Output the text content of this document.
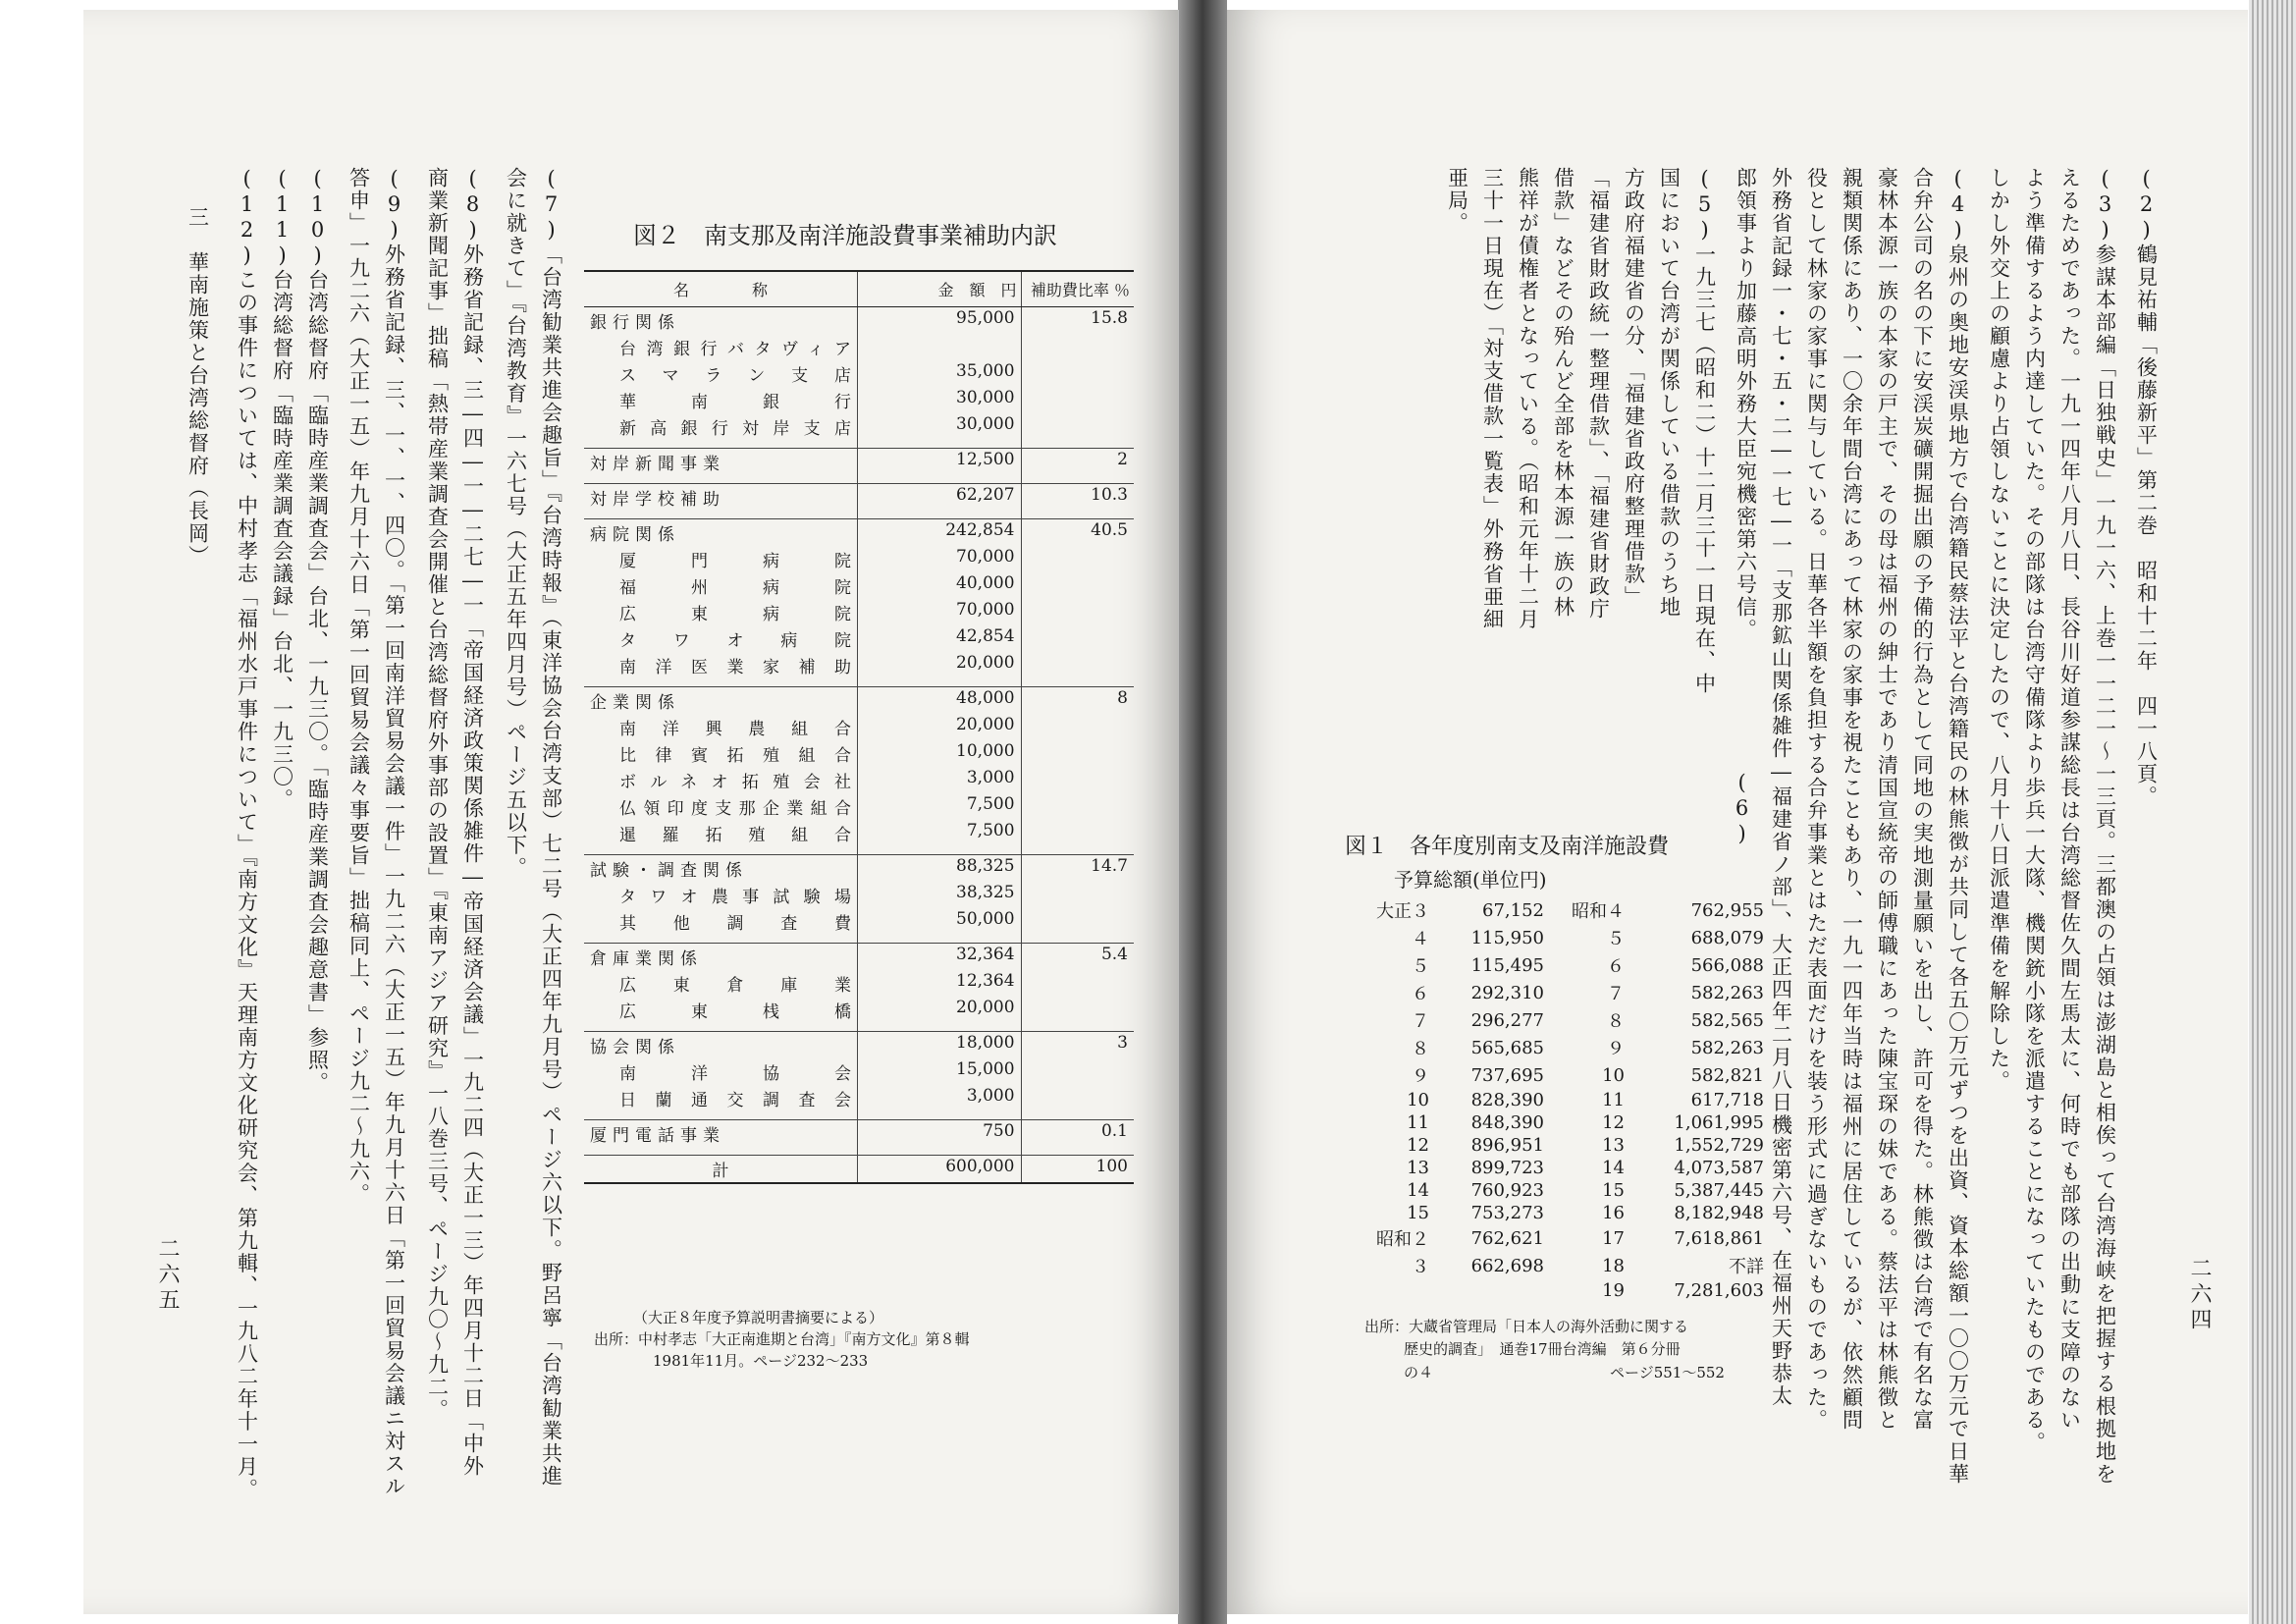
二六五
(7)「台湾勧業共進会趣旨」『台湾時報』（東洋協会台湾支部）七二号（大正四年九月号）ページ六以下。野呂寧「台湾勧業共進
会に就きて」『台湾教育』一六七号（大正五年四月号）ページ五以下。
(8)外務省記録、三―四―一―二七―一「帝国経済政策関係雑件―帝国経済会議」一九二四（大正一三）年四月十二日「中外
商業新聞記事」拙稿「熱帯産業調査会開催と台湾総督府外事部の設置」『東南アジア研究』一八巻三号、ページ九〇～九二。
(9)外務省記録、三、一、一、四〇。「第一回南洋貿易会議一件」一九二六（大正一五）年九月十六日「第一回貿易会議ニ対スル
答申」一九二六（大正一五）年九月十六日「第一回貿易会議々事要旨」拙稿同上、ページ九二～九六。
(10)台湾総督府「臨時産業調査会」台北、一九三〇。「臨時産業調査会趣意書」参照。
(11)台湾総督府「臨時産業調査会議録」台北、一九三〇。
(12)この事件については、中村孝志「福州水戸事件について」『南方文化』天理南方文化研究会、第九輯、一九八二年十一月。
三　華南施策と台湾総督府（長岡）	図２　南支那及南洋施設費事業補助内訳
名　　　　称	金　額　円	補助費比率 ％
銀行関係	95,000	15.8

台湾銀行バタヴィア		

スマラン支店	35,000	

華南銀行	30,000	

新高銀行対岸支店	30,000	

対岸新聞事業	12,500	2

対岸学校補助	62,207	10.3

病院関係	242,854	40.5

厦門病院	70,000	

福州病院	40,000	

広東病院	70,000	

タワオ病院	42,854	

南洋医業家補助	20,000	

企業関係	48,000	8

南洋興農組合	20,000	

比律賓拓殖組合	10,000	

ボルネオ拓殖会社	3,000	

仏領印度支那企業組合	7,500	

暹羅拓殖組合	7,500	

試験・調査関係	88,325	14.7

タワオ農事試験場	38,325	

其他調査費	50,000	

倉庫業関係	32,364	5.4

広東倉庫業	12,364	

広東桟橋	20,000	

協会関係	18,000	3

南洋協会	15,000	

日蘭通交調査会	3,000	

厦門電話事業	750	0.1

計	600,000	100
（大正８年度予算説明書摘要による）
出所：中村孝志「大正南進期と台湾」『南方文化』第８輯
1981年11月。ページ232～233
二六四
(2)鶴見祐輔「後藤新平」第二巻　昭和十二年　四一八頁。
(3)参謀本部編「日独戦史」一九一六、上巻一一二一～一三頁。三都澳の占領は澎湖島と相俟って台湾海峡を把握する根拠地を
えるためであった。一九一四年八月八日、長谷川好道参謀総長は台湾総督佐久間左馬太に、何時でも部隊の出動に支障のない
よう準備するよう内達していた。その部隊は台湾守備隊より歩兵一大隊、機関銃小隊を派遣することになっていたものである。
しかし外交上の顧慮より占領しないことに決定したので、八月十八日派遣準備を解除した。
(4)泉州の奥地安渓県地方で台湾籍民蔡法平と台湾籍民の林熊徴が共同して各五〇万元ずつを出資、資本総額一〇〇万元で日華
合弁公司の名の下に安渓炭礦開掘出願の予備的行為として同地の実地測量願いを出し、許可を得た。林熊徴は台湾で有名な富
豪林本源一族の本家の戸主で、その母は福州の紳士であり清国宣統帝の師傅職にあった陳宝琛の妹である。蔡法平は林熊徴と
親類関係にあり、一〇余年間台湾にあって林家の家事を視たこともあり、一九一四年当時は福州に居住しているが、依然顧問
役として林家の家事に関与している。日華各半額を負担する合弁事業とはただ表面だけを装う形式に過ぎないものであった。
外務省記録一・七・五・二―一七―一「支那鉱山関係雑件―福建省ノ部」、大正四年二月八日機密第六号、在福州天野恭太
郎領事より加藤高明外務大臣宛機密第六号信。
(5)一九三七（昭和二）十二月三十一日現在、中
国において台湾が関係している借款のうち地
方政府福建省の分、「福建省政府整理借款」
「福建省財政統一整理借款」、「福建省財政庁
借款」などその殆んど全部を林本源一族の林
熊祥が債権者となっている。（昭和元年十二月
三十一日現在）「対支借款一覧表」外務省亜細
亜局。
(6)
図１　各年度別南支及南洋施設費
予算総額(単位円)
大正３	67,152	昭和４	762,955
４	115,950	５	688,079
５	115,495	６	566,088
６	292,310	７	582,263
７	296,277	８	582,565
８	565,685	９	582,263
９	737,695	10	582,821
10	828,390	11	617,718
11	848,390	12	1,061,995
12	896,951	13	1,552,729
13	899,723	14	4,073,587
14	760,923	15	5,387,445
15	753,273	16	8,182,948
昭和２	762,621	17	7,618,861
３	662,698	18	不詳
		19	7,281,603
出所：大蔵省管理局「日本人の海外活動に関する
歴史的調査」　通巻17冊台湾編　第６分冊
の４　　　　　　　　　　　　ページ551～552
